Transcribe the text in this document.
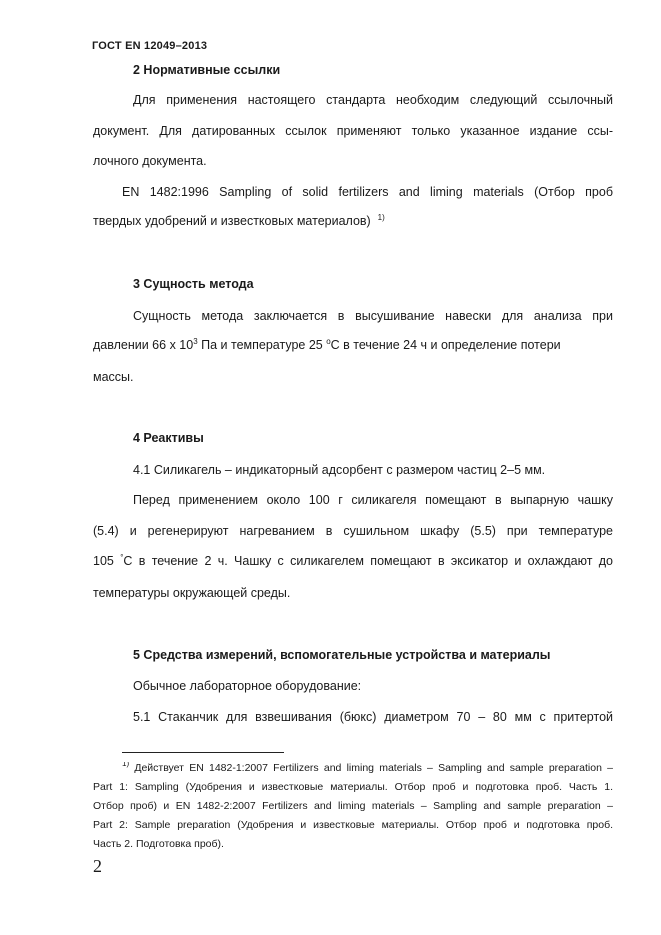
ГОСТ EN 12049–2013
2 Нормативные ссылки
Для применения настоящего стандарта необходим следующий ссылочный
документ. Для датированных ссылок применяют только указанное издание ссы-
лочного документа.
EN 1482:1996 Sampling of solid fertilizers and liming materials (Отбор проб
твердых удобрений и известковых материалов) $^{1)}$
3 Сущность метода
Сущность метода заключается в высушивание навески для анализа при
давлении 66 х $10^3$ Па и температуре 25 $^о$С в течение 24 ч и определение потери
массы.
4 Реактивы
4.1 Силикагель – индикаторный адсорбент с размером частиц 2–5 мм.
Перед применением около 100 г силикагеля помещают в выпарную чашку
(5.4) и регенерируют нагреванием в сушильном шкафу (5.5) при температуре
105 °С в течение 2 ч. Чашку с силикагелем помещают в эксикатор и охлаждают до
температуры окружающей среды.
5 Средства измерений, вспомогательные устройства и материалы
Обычное лабораторное оборудование:
5.1 Стаканчик для взвешивания (бюкс) диаметром 70 – 80 мм с притертой
$^{1)}$ Действует EN 1482-1:2007 Fertilizers and liming materials – Sampling and sample preparation –
Part 1: Sampling (Удобрения и известковые материалы. Отбор проб и подготовка проб. Часть 1.
Отбор проб) и EN 1482-2:2007 Fertilizers and liming materials – Sampling and sample preparation –
Part 2: Sample preparation (Удобрения и известковые материалы. Отбор проб и подготовка проб.
Часть 2. Подготовка проб).
2
